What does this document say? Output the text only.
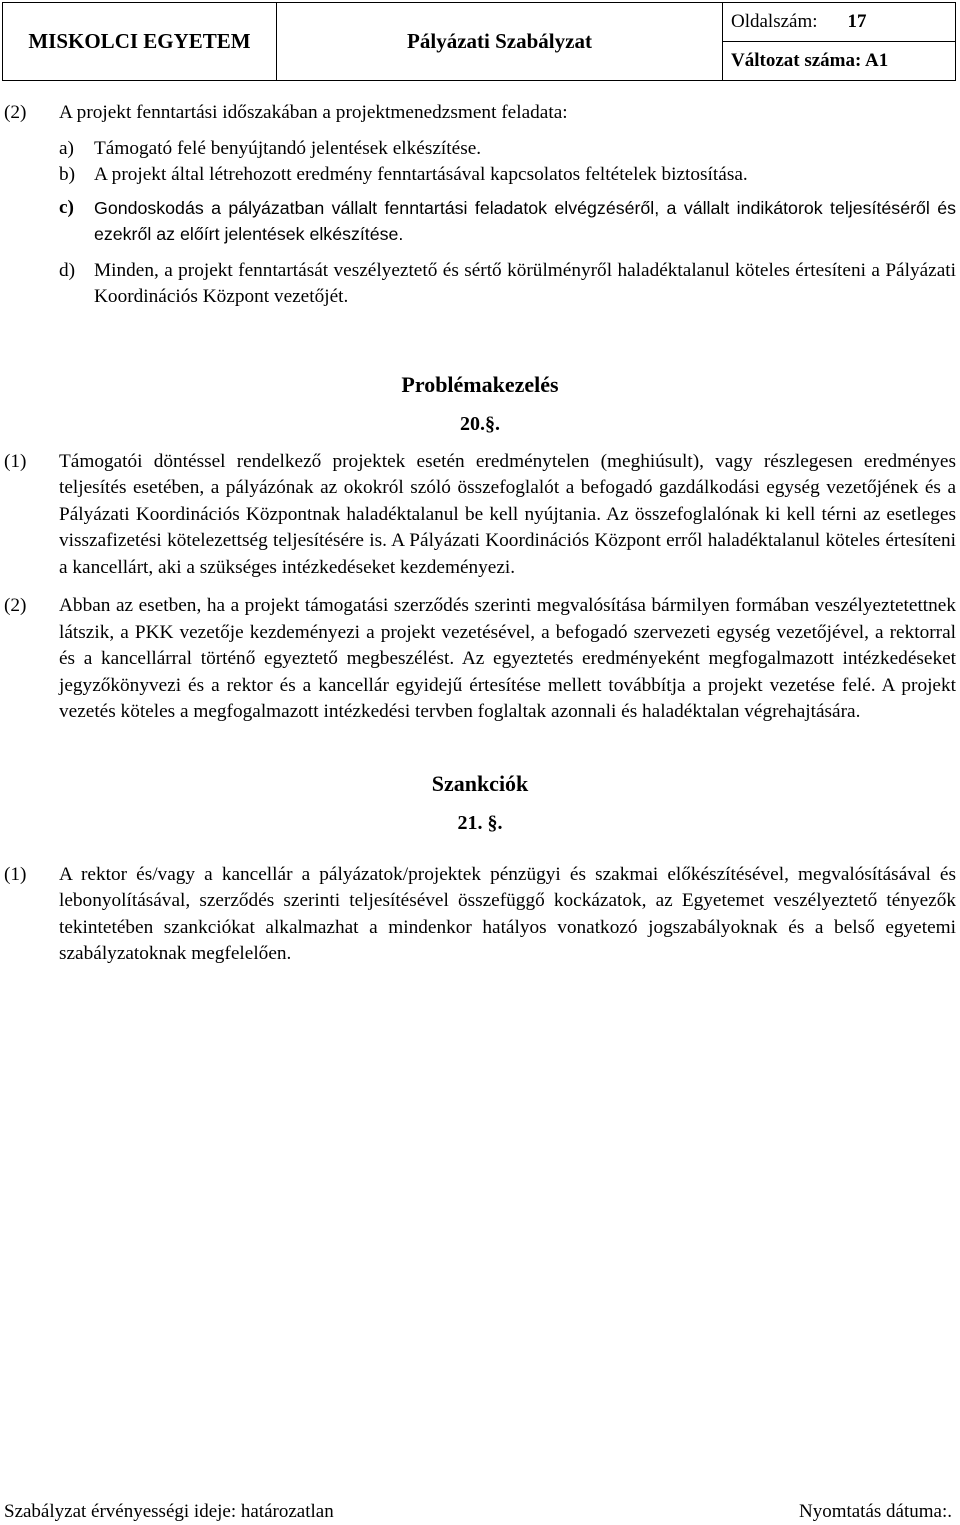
MISKOLCI EGYETEM	Pályázati Szabályzat	Oldalszám: 17
Változat száma: A1
(2) A projekt fenntartási időszakában a projektmenedzsment feladata:
a) Támogató felé benyújtandó jelentések elkészítése.
b) A projekt által létrehozott eredmény fenntartásával kapcsolatos feltételek biztosítása.
c) Gondoskodás a pályázatban vállalt fenntartási feladatok elvégzéséről, a vállalt indikátorok teljesítéséről és ezekről az előírt jelentések elkészítése.
d) Minden, a projekt fenntartását veszélyeztető és sértő körülményről haladéktalanul köteles értesíteni a Pályázati Koordinációs Központ vezetőjét.
Problémakezelés
20.§.
(1) Támogatói döntéssel rendelkező projektek esetén eredménytelen (meghiúsult), vagy részlegesen eredményes teljesítés esetében, a pályázónak az okokról szóló összefoglalót a befogadó gazdálkodási egység vezetőjének és a Pályázati Koordinációs Központnak haladéktalanul be kell nyújtania. Az összefoglalónak ki kell térni az esetleges visszafizetési kötelezettség teljesítésére is. A Pályázati Koordinációs Központ erről haladéktalanul köteles értesíteni a kancellárt, aki a szükséges intézkedéseket kezdeményezi.
(2) Abban az esetben, ha a projekt támogatási szerződés szerinti megvalósítása bármilyen formában veszélyeztetettnek látszik, a PKK vezetője kezdeményezi a projekt vezetésével, a befogadó szervezeti egység vezetőjével, a rektorral és a kancellárral történő egyeztető megbeszélést. Az egyeztetés eredményeként megfogalmazott intézkedéseket jegyzőkönyvezi és a rektor és a kancellár egyidejű értesítése mellett továbbítja a projekt vezetése felé. A projekt vezetés köteles a megfogalmazott intézkedési tervben foglaltak azonnali és haladéktalan végrehajtására.
Szankciók
21. §.
(1) A rektor és/vagy a kancellár a pályázatok/projektek pénzügyi és szakmai előkészítésével, megvalósításával és lebonyolításával, szerződés szerinti teljesítésével összefüggő kockázatok, az Egyetemet veszélyeztető tényezők tekintetében szankciókat alkalmazhat a mindenkor hatályos vonatkozó jogszabályoknak és a belső egyetemi szabályzatoknak megfelelően.
Szabályzat érvényességi ideje: határozatlan	Nyomtatás dátuma:.
